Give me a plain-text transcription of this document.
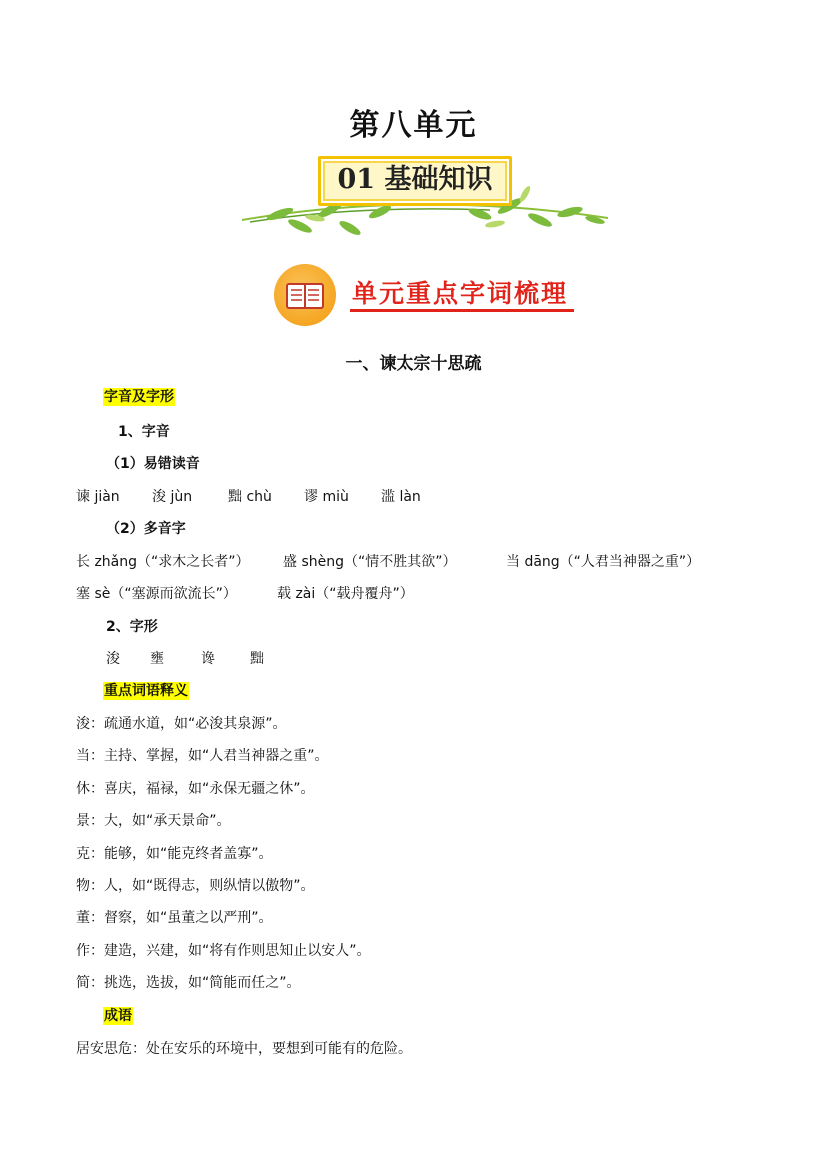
第八单元
01 基础知识
单元重点字词梳理
一、谏太宗十思疏
字音及字形
1、字音
（1）易错读音
谏 jiàn 浚 jùn	黜 chù 谬 miù 滥 làn
（2）多音字
长 zhǎng（“求木之长者”） 盛 shèng（“情不胜其欲”）	当 dāng（“人君当神器之重”）
塞 sè（“塞源而欲流长”）	载 zài（“载舟覆舟”）
2、字形
浚 壅	谗	黜
重点词语释义
浚：疏通水道，如“必浚其泉源”。
当：主持、掌握，如“人君当神器之重”。
休：喜庆，福禄，如“永保无疆之休”。
景：大，如“承天景命”。
克：能够，如“能克终者盖寡”。
物：人，如“既得志，则纵情以傲物”。
董：督察，如“虽董之以严刑”。
作：建造，兴建，如“将有作则思知止以安人”。
简：挑选，选拔，如“简能而任之”。
成语
居安思危：处在安乐的环境中，要想到可能有的危险。
